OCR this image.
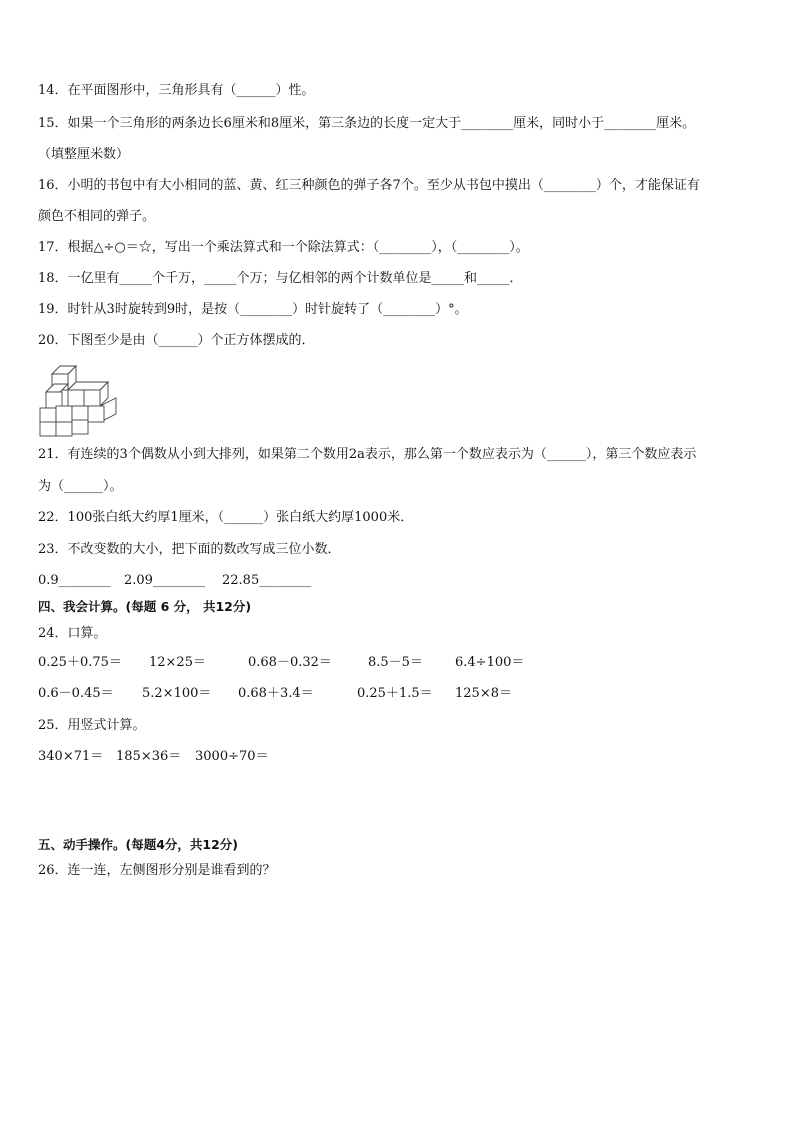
14．在平面图形中，三角形具有（______）性。
15．如果一个三角形的两条边长6厘米和8厘米，第三条边的长度一定大于________厘米，同时小于________厘米。
（填整厘米数）
16．小明的书包中有大小相同的蓝、黄、红三种颜色的弹子各7个。至少从书包中摸出（________）个，才能保证有
颜色不相同的弹子。
17．根据△÷○＝☆，写出一个乘法算式和一个除法算式：（________），（________）。
18．一亿里有_____个千万，_____个万；与亿相邻的两个计数单位是_____和_____．
19．时针从3时旋转到9时，是按（________）时针旋转了（________）°。
20．下图至少是由（______）个正方体摆成的．
21．有连续的3个偶数从小到大排列，如果第二个数用2a表示，那么第一个数应表示为（______），第三个数应表示
为（______）。
22．100张白纸大约厚1厘米，（______）张白纸大约厚1000米．
23．不改变数的大小，把下面的数改写成三位小数．
0.9________ 2.09________ 22.85________
四、我会计算。(每题 6 分， 共12分)
24．口算。
0.25＋0.75＝ 12×25＝	0.68－0.32＝	8.5－5＝ 6.4÷100＝
0.6－0.45＝ 5.2×100＝ 0.68＋3.4＝	0.25＋1.5＝ 125×8＝
25．用竖式计算。
340×71＝ 185×36＝ 3000÷70＝
五、动手操作。(每题4分，共12分)
26．连一连，左侧图形分别是谁看到的？
